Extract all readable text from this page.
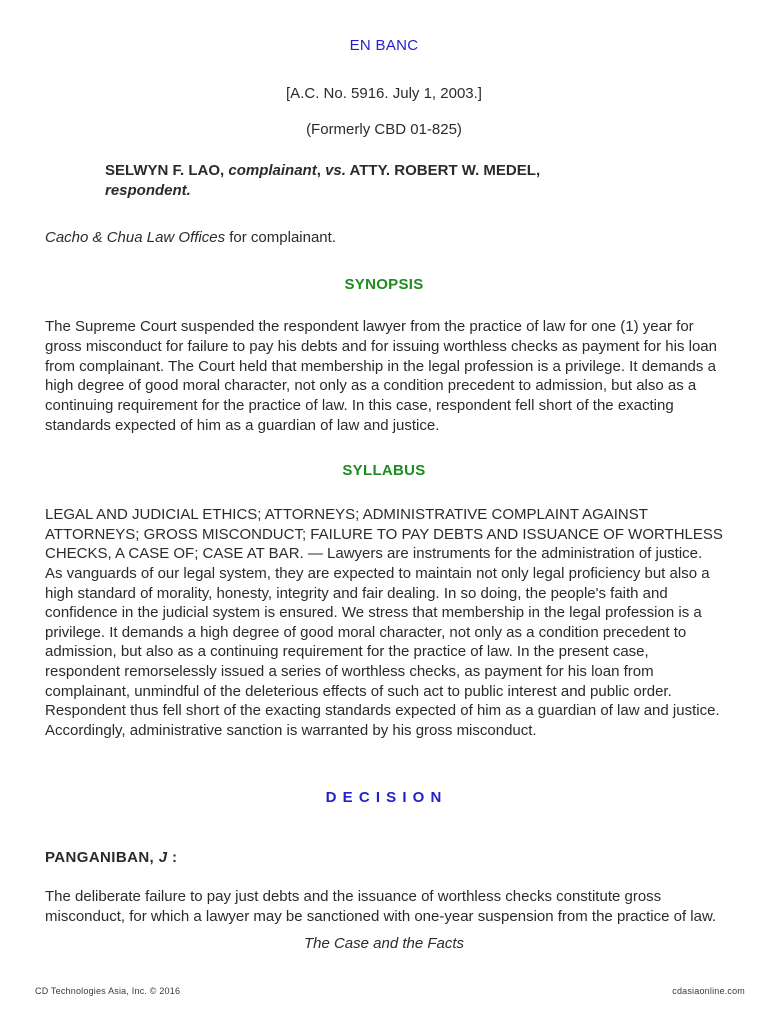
EN BANC
[A.C. No. 5916. July 1, 2003.]
(Formerly CBD 01-825)
SELWYN F. LAO, complainant, vs. ATTY. ROBERT W. MEDEL,
respondent.
Cacho & Chua Law Offices for complainant.
SYNOPSIS

The Supreme Court suspended the respondent lawyer from the practice of law for one (1) year for gross misconduct for failure to pay his debts and for issuing worthless checks as payment for his loan from complainant. The Court held that membership in the legal profession is a privilege. It demands a high degree of good moral character, not only as a condition precedent to admission, but also as a continuing requirement for the practice of law. In this case, respondent fell short of the exacting standards expected of him as a guardian of law and justice.

SYLLABUS

LEGAL AND JUDICIAL ETHICS; ATTORNEYS; ADMINISTRATIVE COMPLAINT AGAINST ATTORNEYS; GROSS MISCONDUCT; FAILURE TO PAY DEBTS AND ISSUANCE OF WORTHLESS CHECKS, A CASE OF; CASE AT BAR. — Lawyers are instruments for the administration of justice. As vanguards of our legal system, they are expected to maintain not only legal proficiency but also a high standard of morality, honesty, integrity and fair dealing. In so doing, the people's faith and confidence in the judicial system is ensured. We stress that membership in the legal profession is a privilege. It demands a high degree of good moral character, not only as a condition precedent to admission, but also as a continuing requirement for the practice of law. In the present case, respondent remorselessly issued a series of worthless checks, as payment for his loan from complainant, unmindful of the deleterious effects of such act to public interest and public order. Respondent thus fell short of the exacting standards expected of him as a guardian of law and justice. Accordingly, administrative sanction is warranted by his gross misconduct.

D E C I S I O N
PANGANIBAN, J :

The deliberate failure to pay just debts and the issuance of worthless checks constitute gross misconduct, for which a lawyer may be sanctioned with one-year suspension from the practice of law.

The Case and the Facts
CD Technologies Asia, Inc. © 2016	cdasiaonline.com
